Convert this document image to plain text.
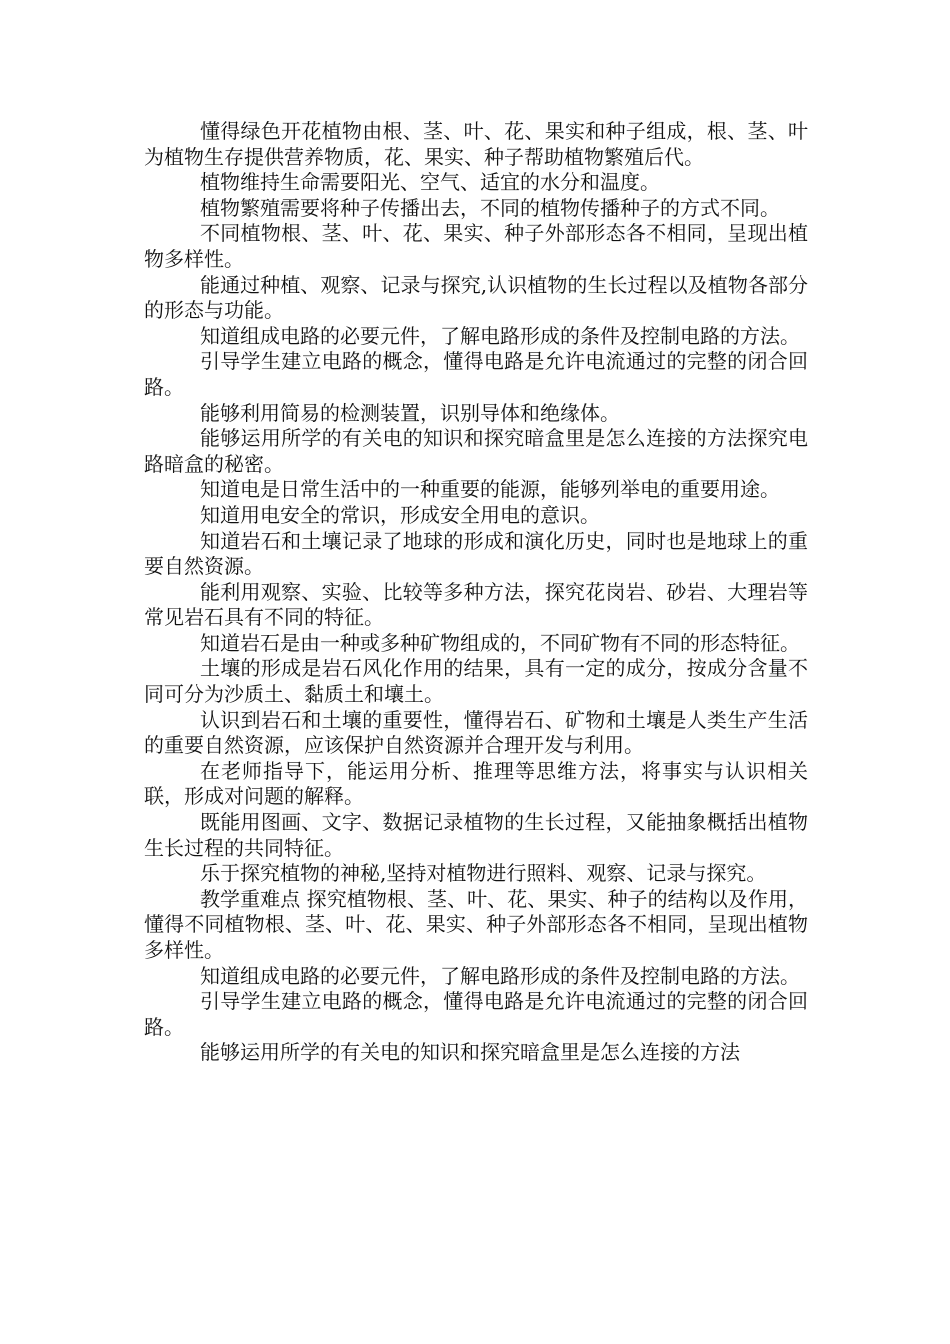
懂得绿色开花植物由根、茎、叶、花、果实和种子组成，根、茎、叶为植物生存提供营养物质，花、果实、种子帮助植物繁殖后代。

植物维持生命需要阳光、空气、适宜的水分和温度。

植物繁殖需要将种子传播出去，不同的植物传播种子的方式不同。

不同植物根、茎、叶、花、果实、种子外部形态各不相同，呈现出植物多样性。

能通过种植、观察、记录与探究,认识植物的生长过程以及植物各部分的形态与功能。

知道组成电路的必要元件，了解电路形成的条件及控制电路的方法。

引导学生建立电路的概念，懂得电路是允许电流通过的完整的闭合回路。

能够利用简易的检测装置，识别导体和绝缘体。

能够运用所学的有关电的知识和探究暗盒里是怎么连接的方法探究电路暗盒的秘密。

知道电是日常生活中的一种重要的能源，能够列举电的重要用途。

知道用电安全的常识，形成安全用电的意识。

知道岩石和土壤记录了地球的形成和演化历史，同时也是地球上的重要自然资源。

能利用观察、实验、比较等多种方法，探究花岗岩、砂岩、大理岩等常见岩石具有不同的特征。

知道岩石是由一种或多种矿物组成的，不同矿物有不同的形态特征。

土壤的形成是岩石风化作用的结果，具有一定的成分，按成分含量不同可分为沙质土、黏质土和壤土。

认识到岩石和土壤的重要性，懂得岩石、矿物和土壤是人类生产生活的重要自然资源，应该保护自然资源并合理开发与利用。

在老师指导下，能运用分析、推理等思维方法，将事实与认识相关联，形成对问题的解释。

既能用图画、文字、数据记录植物的生长过程，又能抽象概括出植物生长过程的共同特征。

乐于探究植物的神秘,坚持对植物进行照料、观察、记录与探究。

教学重难点 探究植物根、茎、叶、花、果实、种子的结构以及作用，懂得不同植物根、茎、叶、花、果实、种子外部形态各不相同，呈现出植物多样性。

知道组成电路的必要元件，了解电路形成的条件及控制电路的方法。

引导学生建立电路的概念，懂得电路是允许电流通过的完整的闭合回路。

能够运用所学的有关电的知识和探究暗盒里是怎么连接的方法
